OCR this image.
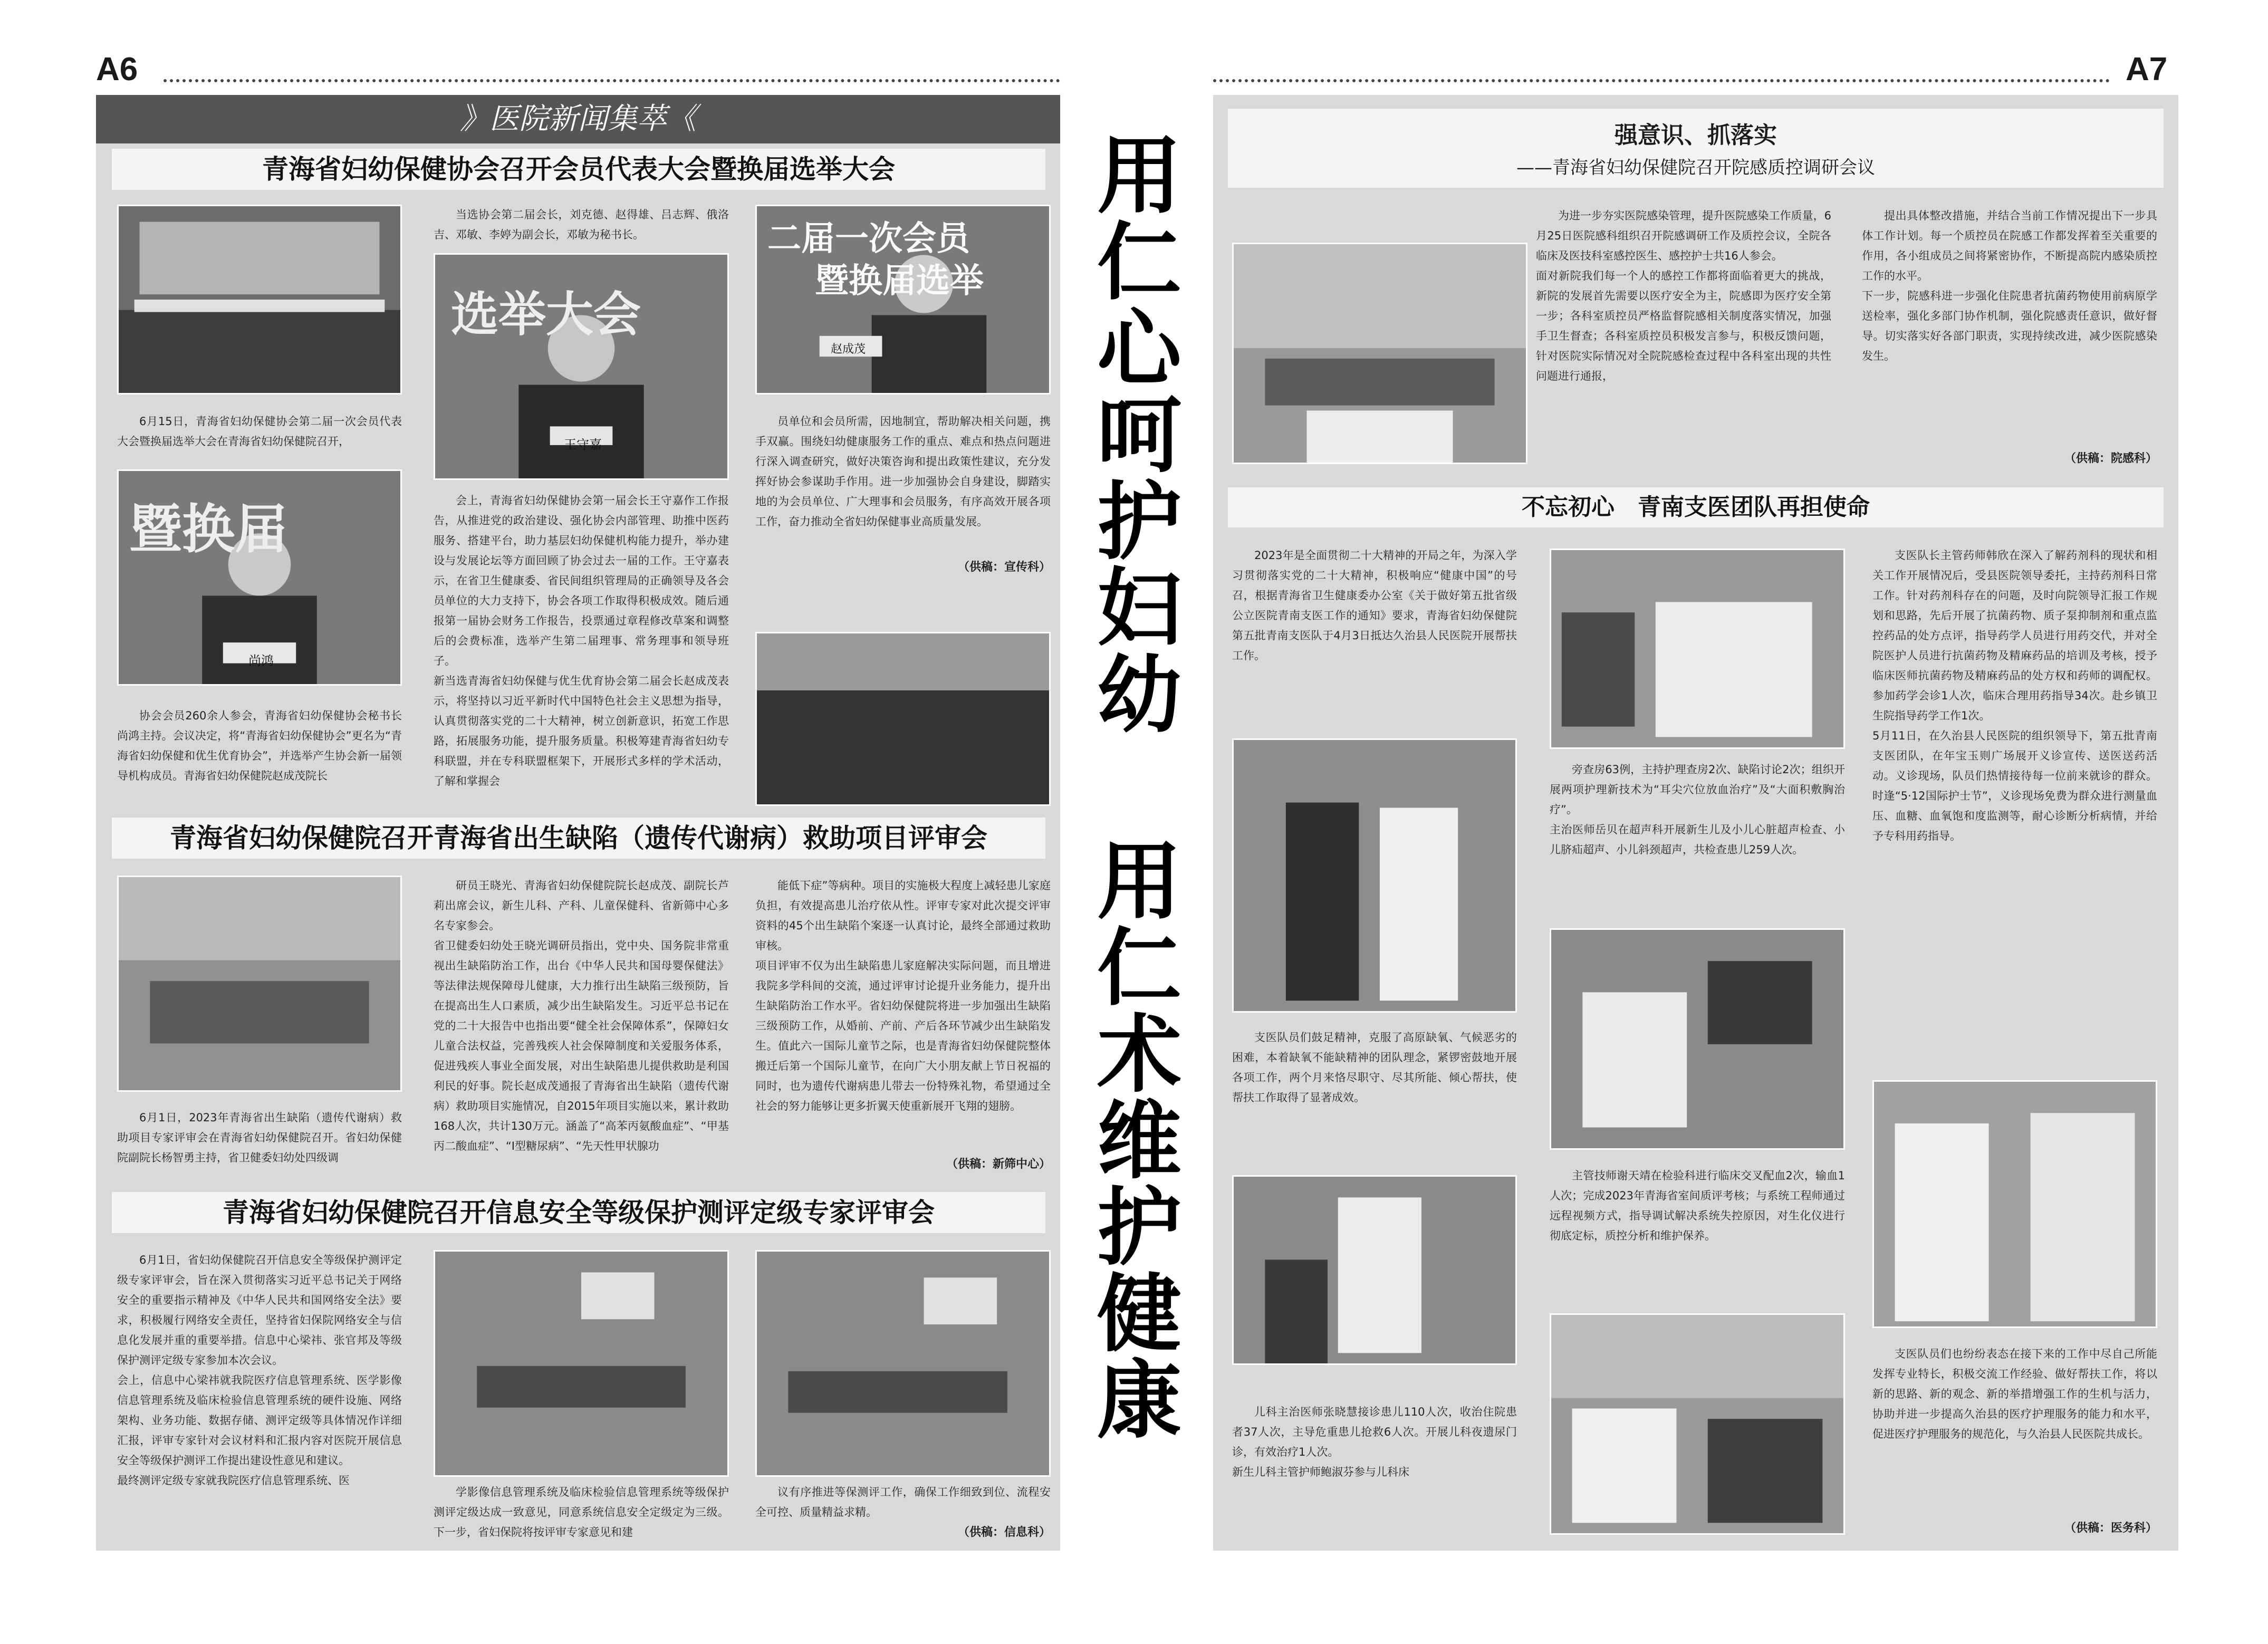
A6
》医院新闻集萃《
青海省妇幼保健协会召开会员代表大会暨换届选举大会
6月15日，青海省妇幼保健协会第二届一次会员代表大会暨换届选举大会在青海省妇幼保健院召开，
暨换届
尚鸿
协会会员260余人参会，青海省妇幼保健协会秘书长尚鸿主持。会议决定，将“青海省妇幼保健协会”更名为“青海省妇幼保健和优生优育协会”，并选举产生协会新一届领导机构成员。青海省妇幼保健院赵成茂院长
当选协会第二届会长，刘克德、赵得雄、吕志辉、俄洛吉、邓敏、李婷为副会长，邓敏为秘书长。
选举大会
王守嘉
会上，青海省妇幼保健协会第一届会长王守嘉作工作报告，从推进党的政治建设、强化协会内部管理、助推中医药服务、搭建平台，助力基层妇幼保健机构能力提升，举办建设与发展论坛等方面回顾了协会过去一届的工作。王守嘉表示，在省卫生健康委、省民间组织管理局的正确领导及各会员单位的大力支持下，协会各项工作取得积极成效。随后通报第一届协会财务工作报告，投票通过章程修改草案和调整后的会费标准，选举产生第二届理事、常务理事和领导班子。
新当选青海省妇幼保健与优生优育协会第二届会长赵成茂表示，将坚持以习近平新时代中国特色社会主义思想为指导，认真贯彻落实党的二十大精神，树立创新意识，拓宽工作思路，拓展服务功能，提升服务质量。积极筹建青海省妇幼专科联盟，并在专科联盟框架下，开展形式多样的学术活动，了解和掌握会
二届一次会员
暨换届选举
赵成茂
员单位和会员所需，因地制宜，帮助解决相关问题，携手双赢。围绕妇幼健康服务工作的重点、难点和热点问题进行深入调查研究，做好决策咨询和提出政策性建议，充分发挥好协会参谋助手作用。进一步加强协会自身建设，脚踏实地的为会员单位、广大理事和会员服务，有序高效开展各项工作，奋力推动全省妇幼保健事业高质量发展。
（供稿：宣传科）
青海省妇幼保健院召开青海省出生缺陷（遗传代谢病）救助项目评审会
6月1日，2023年青海省出生缺陷（遗传代谢病）救助项目专家评审会在青海省妇幼保健院召开。省妇幼保健院副院长杨智勇主持，省卫健委妇幼处四级调
研员王晓光、青海省妇幼保健院院长赵成茂、副院长芦莉出席会议，新生儿科、产科、儿童保健科、省新筛中心多名专家参会。
省卫健委妇幼处王晓光调研员指出，党中央、国务院非常重视出生缺陷防治工作，出台《中华人民共和国母婴保健法》等法律法规保障母儿健康，大力推行出生缺陷三级预防，旨在提高出生人口素质，减少出生缺陷发生。习近平总书记在党的二十大报告中也指出要“健全社会保障体系”，保障妇女儿童合法权益，完善残疾人社会保障制度和关爱服务体系，促进残疾人事业全面发展，对出生缺陷患儿提供救助是利国利民的好事。院长赵成茂通报了青海省出生缺陷（遗传代谢病）救助项目实施情况，自2015年项目实施以来，累计救助168人次，共计130万元。涵盖了“高苯丙氨酸血症”、“甲基丙二酸血症”、“Ⅰ型糖尿病”、“先天性甲状腺功
能低下症”等病种。项目的实施极大程度上减轻患儿家庭负担，有效提高患儿治疗依从性。评审专家对此次提交评审资料的45个出生缺陷个案逐一认真讨论，最终全部通过救助审核。
项目评审不仅为出生缺陷患儿家庭解决实际问题，而且增进我院多学科间的交流，通过评审讨论提升业务能力，提升出生缺陷防治工作水平。省妇幼保健院将进一步加强出生缺陷三级预防工作，从婚前、产前、产后各环节减少出生缺陷发生。值此六一国际儿童节之际，也是青海省妇幼保健院整体搬迁后第一个国际儿童节，在向广大小朋友献上节日祝福的同时，也为遗传代谢病患儿带去一份特殊礼物，希望通过全社会的努力能够让更多折翼天使重新展开飞翔的翅膀。
（供稿：新筛中心）
青海省妇幼保健院召开信息安全等级保护测评定级专家评审会
6月1日，省妇幼保健院召开信息安全等级保护测评定级专家评审会，旨在深入贯彻落实习近平总书记关于网络安全的重要指示精神及《中华人民共和国网络安全法》要求，积极履行网络安全责任，坚持省妇保院网络安全与信息化发展并重的重要举措。信息中心梁祎、张官邦及等级保护测评定级专家参加本次会议。
会上，信息中心梁祎就我院医疗信息管理系统、医学影像信息管理系统及临床检验信息管理系统的硬件设施、网络架构、业务功能、数据存储、测评定级等具体情况作详细汇报，评审专家针对会议材料和汇报内容对医院开展信息安全等级保护测评工作提出建设性意见和建议。
最终测评定级专家就我院医疗信息管理系统、医
学影像信息管理系统及临床检验信息管理系统等级保护测评定级达成一致意见，同意系统信息安全定级定为三级。下一步，省妇保院将按评审专家意见和建
议有序推进等保测评工作，确保工作细致到位、流程安全可控、质量精益求精。
（供稿：信息科）
用
仁
心
呵
护
妇
幼
用
仁
术
维
护
健
康
A7
强意识、抓落实
——青海省妇幼保健院召开院感质控调研会议
为进一步夯实医院感染管理，提升医院感染工作质量，6月25日医院感科组织召开院感调研工作及质控会议，全院各临床及医技科室感控医生、感控护士共16人参会。
面对新院我们每一个人的感控工作都将面临着更大的挑战，新院的发展首先需要以医疗安全为主，院感即为医疗安全第一步；各科室质控员严格监督院感相关制度落实情况，加强手卫生督查；各科室质控员积极发言参与，积极反馈问题，针对医院实际情况对全院院感检查过程中各科室出现的共性问题进行通报，
提出具体整改措施，并结合当前工作情况提出下一步具体工作计划。每一个质控员在院感工作都发挥着至关重要的作用，各小组成员之间将紧密协作，不断提高院内感染质控工作的水平。
下一步，院感科进一步强化住院患者抗菌药物使用前病原学送检率，强化多部门协作机制，强化院感责任意识，做好督导。切实落实好各部门职责，实现持续改进，减少医院感染发生。
（供稿：院感科）
不忘初心　青南支医团队再担使命
2023年是全面贯彻二十大精神的开局之年，为深入学习贯彻落实党的二十大精神，积极响应“健康中国”的号召，根据青海省卫生健康委办公室《关于做好第五批省级公立医院青南支医工作的通知》要求，青海省妇幼保健院第五批青南支医队于4月3日抵达久治县人民医院开展帮扶工作。
支医队员们鼓足精神，克服了高原缺氧、气候恶劣的困难，本着缺氧不能缺精神的团队理念，紧锣密鼓地开展各项工作，两个月来恪尽职守、尽其所能、倾心帮扶，使帮扶工作取得了显著成效。
儿科主治医师张晓慧接诊患儿110人次，收治住院患者37人次，主导危重患儿抢救6人次。开展儿科夜遗尿门诊，有效治疗1人次。
新生儿科主管护师鲍淑芬参与儿科床
旁查房63例，主持护理查房2次、缺陷讨论2次；组织开展两项护理新技术为“耳尖穴位放血治疗”及“大面积敷胸治疗”。
主治医师岳贝在超声科开展新生儿及小儿心脏超声检查、小儿脐疝超声、小儿斜颈超声，共检查患儿259人次。
主管技师谢天靖在检验科进行临床交叉配血2次，输血1人次；完成2023年青海省室间质评考核；与系统工程师通过远程视频方式，指导调试解决系统失控原因，对生化仪进行彻底定标，质控分析和维护保养。
支医队长主管药师韩欣在深入了解药剂科的现状和相关工作开展情况后，受县医院领导委托，主持药剂科日常工作。针对药剂科存在的问题，及时向院领导汇报工作规划和思路，先后开展了抗菌药物、质子泵抑制剂和重点监控药品的处方点评，指导药学人员进行用药交代，并对全院医护人员进行抗菌药物及精麻药品的培训及考核，授予临床医师抗菌药物及精麻药品的处方权和药师的调配权。参加药学会诊1人次，临床合理用药指导34次。赴乡镇卫生院指导药学工作1次。
5月11日，在久治县人民医院的组织领导下，第五批青南支医团队，在年宝玉则广场展开义诊宣传、送医送药活动。义诊现场，队员们热情接待每一位前来就诊的群众。时逢“5·12国际护士节”，义诊现场免费为群众进行测量血压、血糖、血氧饱和度监测等，耐心诊断分析病情，并给予专科用药指导。
支医队员们也纷纷表态在接下来的工作中尽自己所能发挥专业特长，积极交流工作经验、做好帮扶工作，将以新的思路、新的观念、新的举措增强工作的生机与活力，协助并进一步提高久治县的医疗护理服务的能力和水平，促进医疗护理服务的规范化，与久治县人民医院共成长。
（供稿：医务科）
